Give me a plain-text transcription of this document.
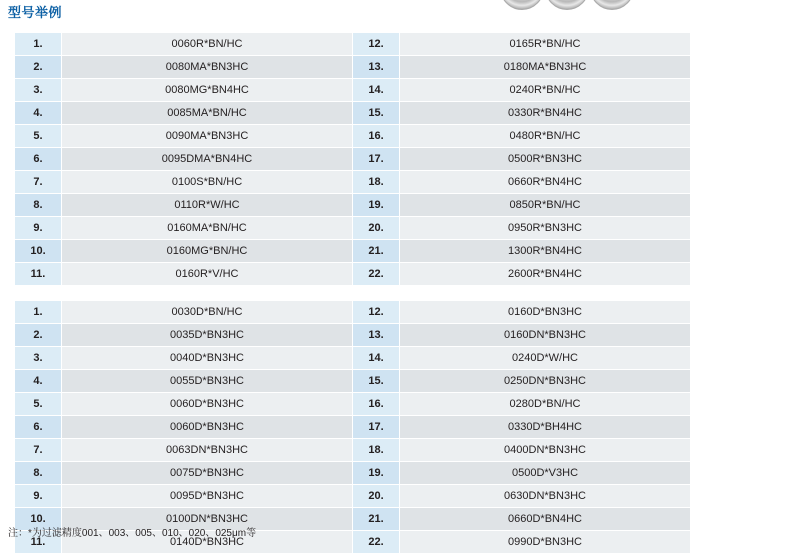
型号举例
1.	0060R*BN/HC	12.	0165R*BN/HC
2.	0080MA*BN3HC	13.	0180MA*BN3HC
3.	0080MG*BN4HC	14.	0240R*BN/HC
4.	0085MA*BN/HC	15.	0330R*BN4HC
5.	0090MA*BN3HC	16.	0480R*BN/HC
6.	0095DMA*BN4HC	17.	0500R*BN3HC
7.	0100S*BN/HC	18.	0660R*BN4HC
8.	0110R*W/HC	19.	0850R*BN/HC
9.	0160MA*BN/HC	20.	0950R*BN3HC
10.	0160MG*BN/HC	21.	1300R*BN4HC
11.	0160R*V/HC	22.	2600R*BN4HC
1.	0030D*BN/HC	12.	0160D*BN3HC
2.	0035D*BN3HC	13.	0160DN*BN3HC
3.	0040D*BN3HC	14.	0240D*W/HC
4.	0055D*BN3HC	15.	0250DN*BN3HC
5.	0060D*BN3HC	16.	0280D*BN/HC
6.	0060D*BN3HC	17.	0330D*BH4HC
7.	0063DN*BN3HC	18.	0400DN*BN3HC
8.	0075D*BN3HC	19.	0500D*V3HC
9.	0095D*BN3HC	20.	0630DN*BN3HC
10.	0100DN*BN3HC	21.	0660D*BN4HC
11.	0140D*BN3HC	22.	0990D*BN3HC
注：*为过滤精度001、003、005、010、020、025μm等
